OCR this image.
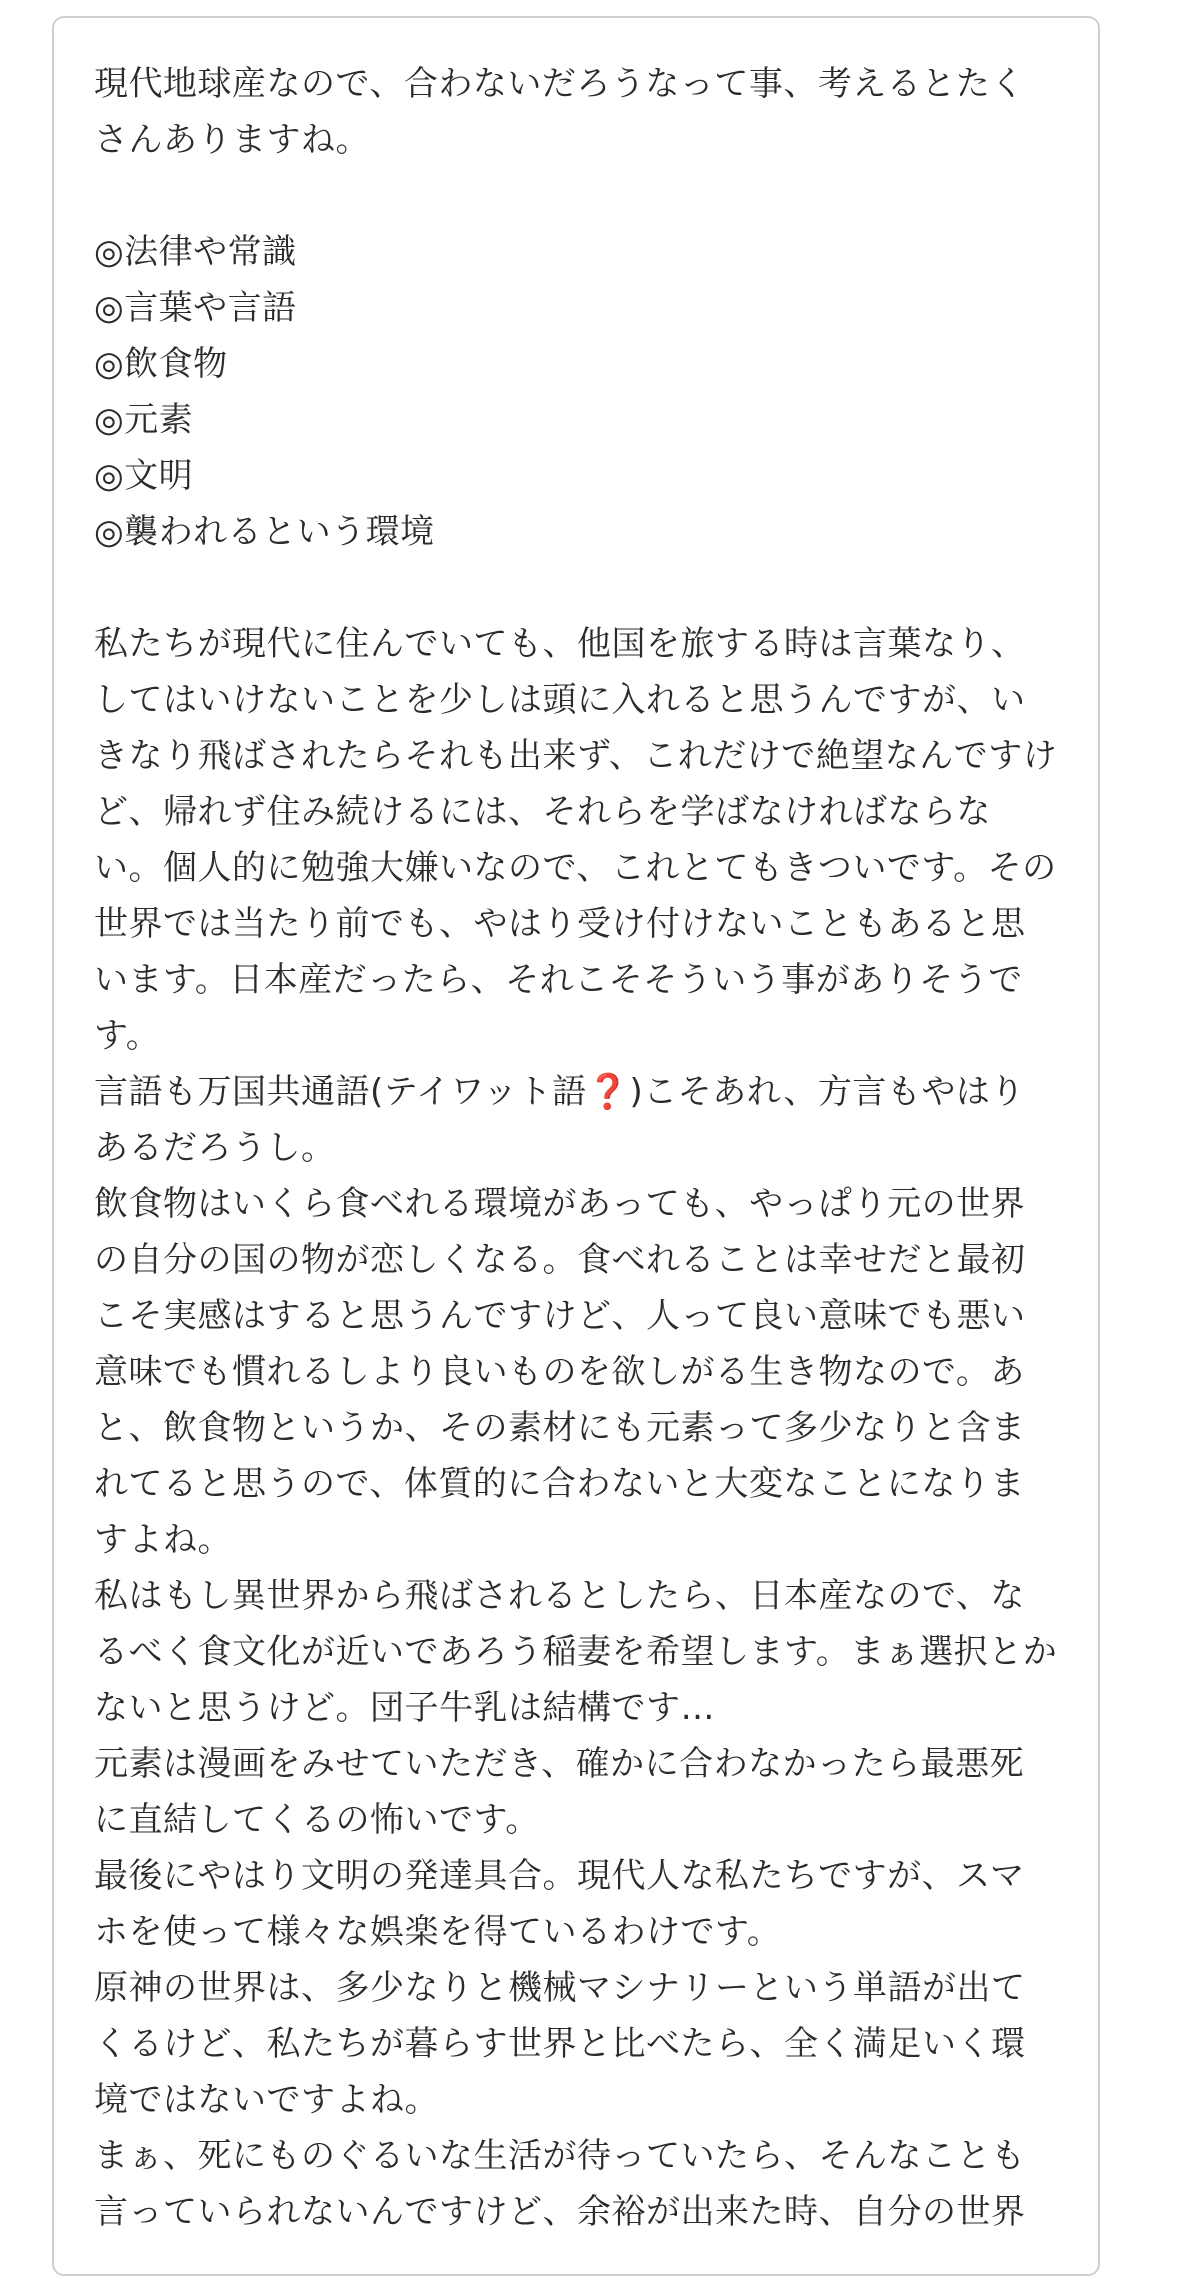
現代地球産なので、合わないだろうなって事、考えるとたくさんありますね。

◎法律や常識
◎言葉や言語
◎飲食物
◎元素
◎文明
◎襲われるという環境

私たちが現代に住んでいても、他国を旅する時は言葉なり、してはいけないことを少しは頭に入れると思うんですが、いきなり飛ばされたらそれも出来ず、これだけで絶望なんですけど、帰れず住み続けるには、それらを学ばなければならない。個人的に勉強大嫌いなので、これとてもきついです。その世界では当たり前でも、やはり受け付けないこともあると思います。日本産だったら、それこそそういう事がありそうです。

言語も万国共通語(テイワット語❓)こそあれ、方言もやはりあるだろうし。

飲食物はいくら食べれる環境があっても、やっぱり元の世界の自分の国の物が恋しくなる。食べれることは幸せだと最初こそ実感はすると思うんですけど、人って良い意味でも悪い意味でも慣れるしより良いものを欲しがる生き物なので。あと、飲食物というか、その素材にも元素って多少なりと含まれてると思うので、体質的に合わないと大変なことになりますよね。

私はもし異世界から飛ばされるとしたら、日本産なので、なるべく食文化が近いであろう稲妻を希望します。まぁ選択とかないと思うけど。団子牛乳は結構です…

元素は漫画をみせていただき、確かに合わなかったら最悪死に直結してくるの怖いです。

最後にやはり文明の発達具合。現代人な私たちですが、スマホを使って様々な娯楽を得ているわけです。

原神の世界は、多少なりと機械マシナリーという単語が出てくるけど、私たちが暮らす世界と比べたら、全く満足いく環境ではないですよね。

まぁ、死にものぐるいな生活が待っていたら、そんなことも言っていられないんですけど、余裕が出来た時、自分の世界
